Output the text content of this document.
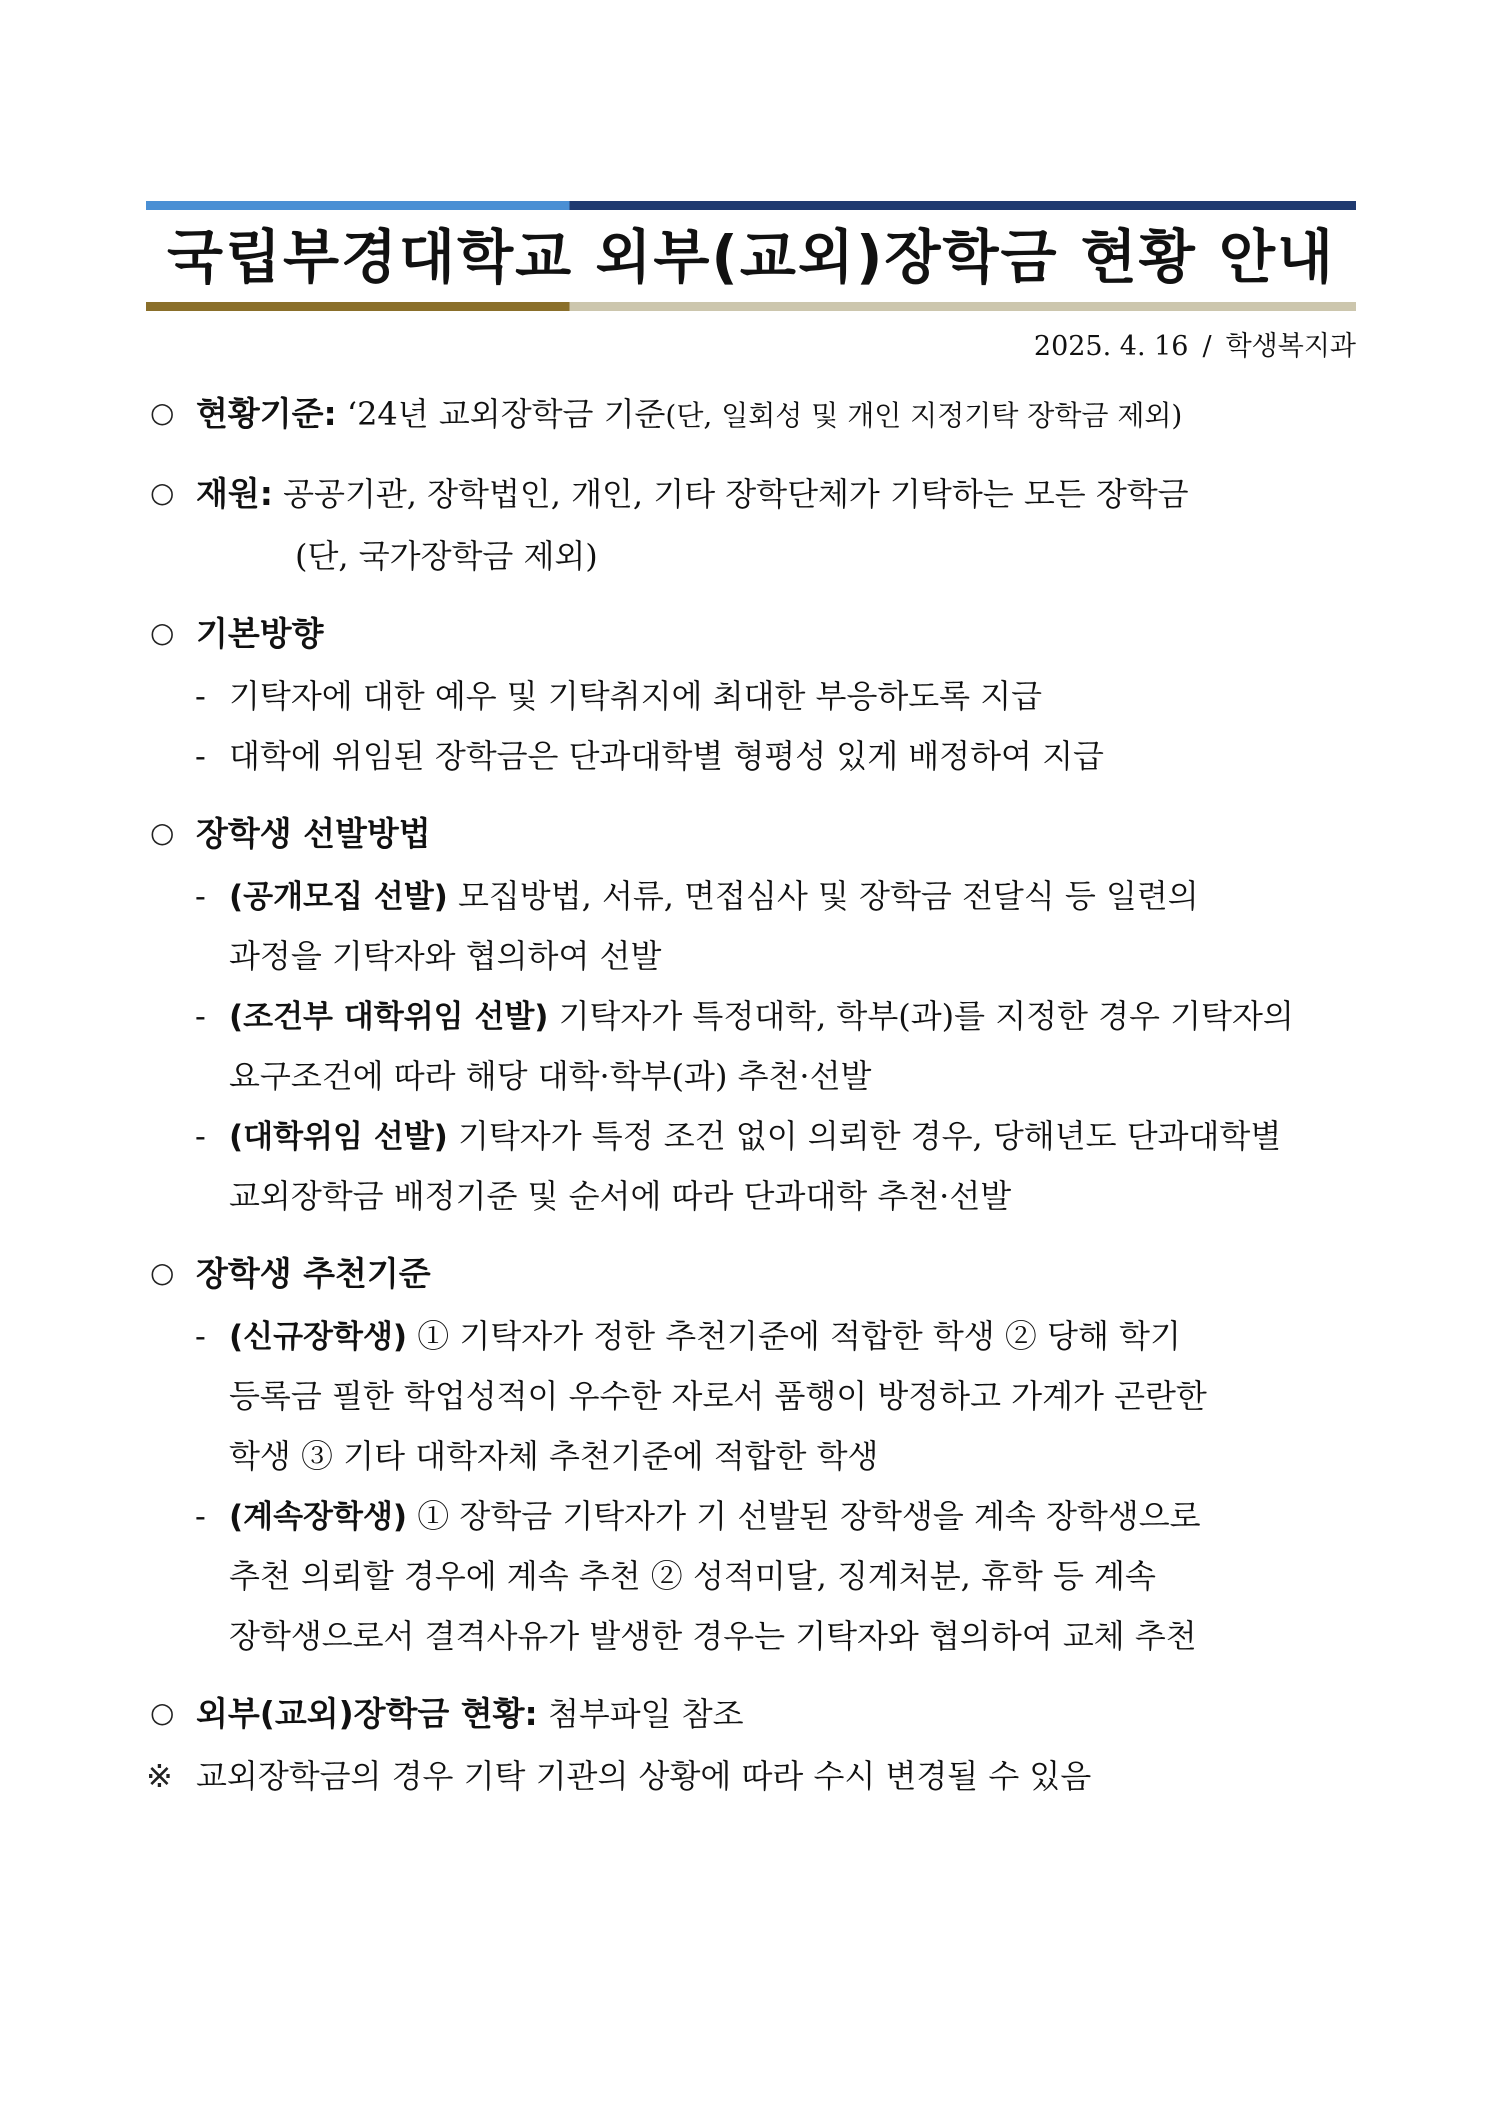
국립부경대학교 외부(교외)장학금 현황 안내
2025. 4. 16 / 학생복지과
○ 현황기준: ‘24년 교외장학금 기준(단, 일회성 및 개인 지정기탁 장학금 제외)
○ 재원: 공공기관, 장학법인, 개인, 기타 장학단체가 기탁하는 모든 장학금
(단, 국가장학금 제외)
○ 기본방향
- 기탁자에 대한 예우 및 기탁취지에 최대한 부응하도록 지급
- 대학에 위임된 장학금은 단과대학별 형평성 있게 배정하여 지급
○ 장학생 선발방법
- (공개모집 선발) 모집방법, 서류, 면접심사 및 장학금 전달식 등 일련의
과정을 기탁자와 협의하여 선발
- (조건부 대학위임 선발) 기탁자가 특정대학, 학부(과)를 지정한 경우 기탁자의
요구조건에 따라 해당 대학·학부(과) 추천·선발
- (대학위임 선발) 기탁자가 특정 조건 없이 의뢰한 경우, 당해년도 단과대학별
교외장학금 배정기준 및 순서에 따라 단과대학 추천·선발
○ 장학생 추천기준
- (신규장학생) ① 기탁자가 정한 추천기준에 적합한 학생 ② 당해 학기
등록금 필한 학업성적이 우수한 자로서 품행이 방정하고 가계가 곤란한
학생 ③ 기타 대학자체 추천기준에 적합한 학생
- (계속장학생) ① 장학금 기탁자가 기 선발된 장학생을 계속 장학생으로
추천 의뢰할 경우에 계속 추천 ② 성적미달, 징계처분, 휴학 등 계속
장학생으로서 결격사유가 발생한 경우는 기탁자와 협의하여 교체 추천
○ 외부(교외)장학금 현황: 첨부파일 참조
※ 교외장학금의 경우 기탁 기관의 상황에 따라 수시 변경될 수 있음
